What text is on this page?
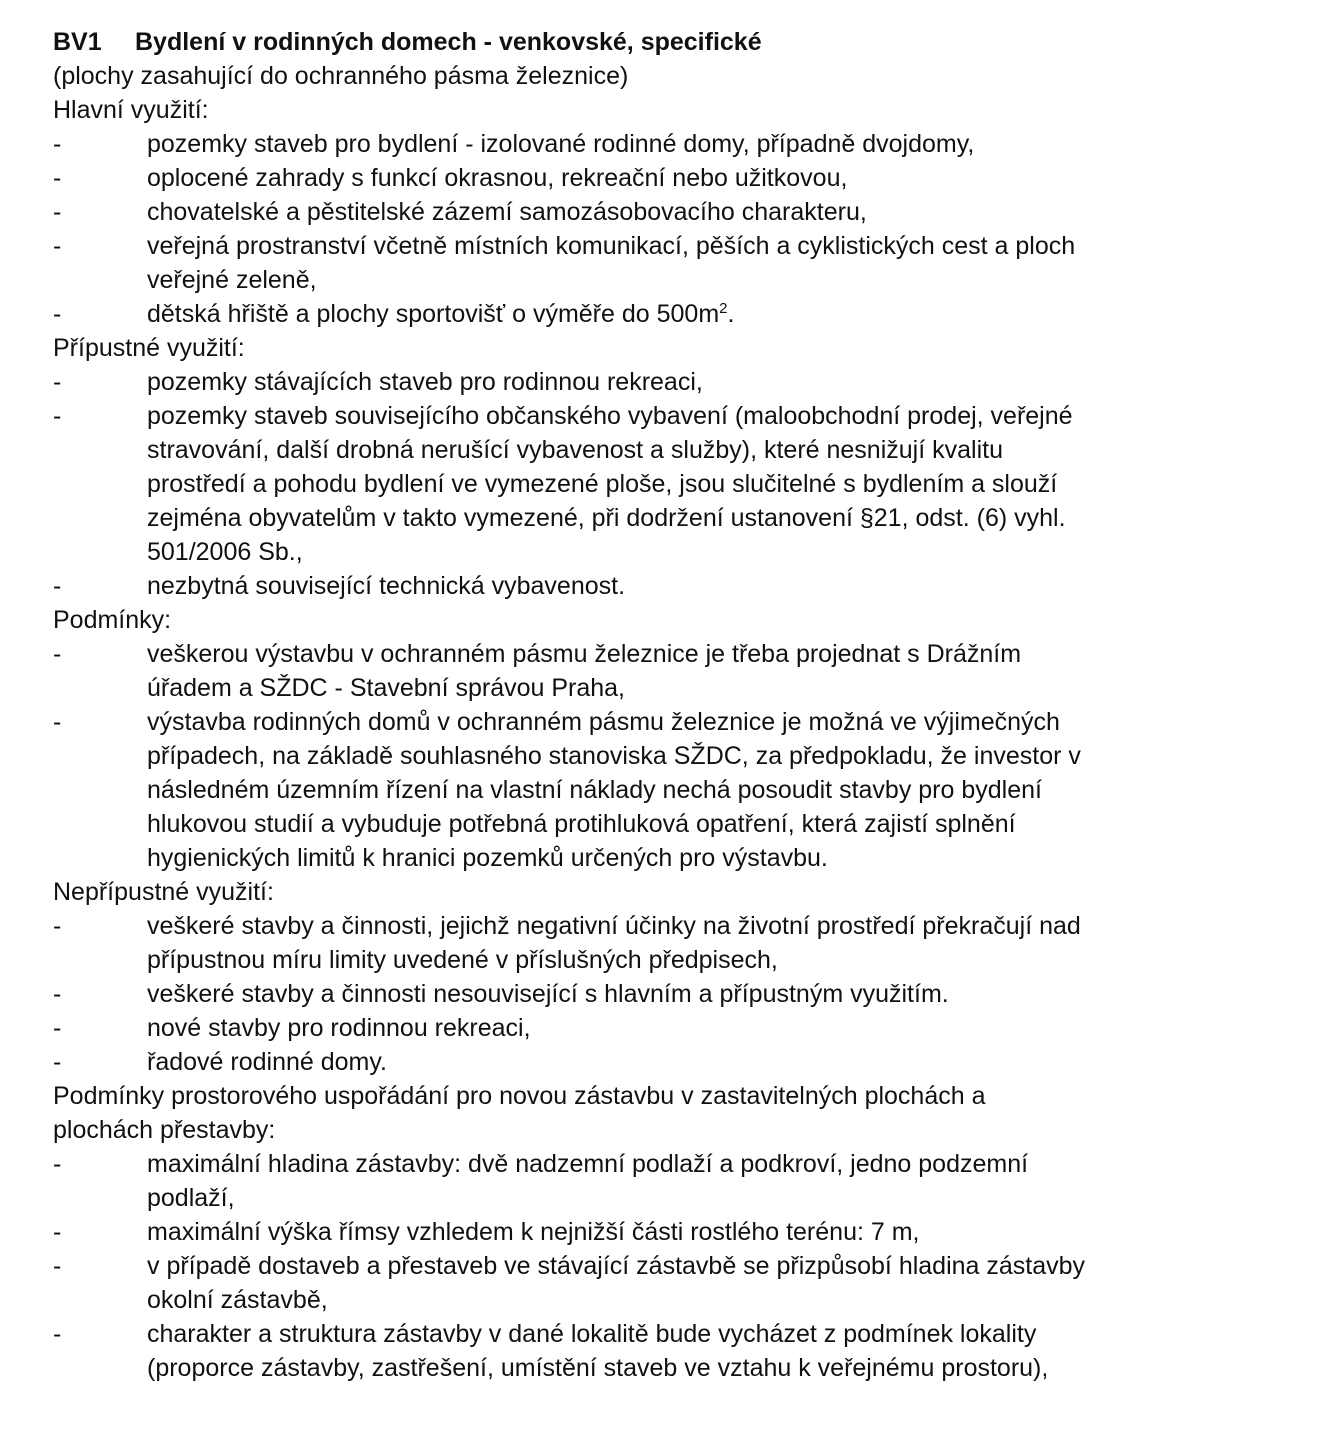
BV1 Bydlení v rodinných domech - venkovské, specifické
(plochy zasahující do ochranného pásma železnice)
Hlavní využití:
-	pozemky staveb pro bydlení - izolované rodinné domy, případně dvojdomy,
-	oplocené zahrady s funkcí okrasnou, rekreační nebo užitkovou,
-	chovatelské a pěstitelské zázemí samozásobovacího charakteru,
-	veřejná prostranství včetně místních komunikací, pěších a cyklistických cest a ploch
veřejné zeleně,
-	dětská hřiště a plochy sportovišť o výměře do $500m^2$.
Přípustné využití:
-	pozemky stávajících staveb pro rodinnou rekreaci,
-	pozemky staveb souvisejícího občanského vybavení (maloobchodní prodej, veřejné
stravování, další drobná nerušící vybavenost a služby), které nesnižují kvalitu
prostředí a pohodu bydlení ve vymezené ploše, jsou slučitelné s bydlením a slouží
zejména obyvatelům v takto vymezené, při dodržení ustanovení §21, odst. (6) vyhl.
501/2006 Sb.,
-	nezbytná související technická vybavenost.
Podmínky:
-	veškerou výstavbu v ochranném pásmu železnice je třeba projednat s Drážním
úřadem a SŽDC - Stavební správou Praha,
-	výstavba rodinných domů v ochranném pásmu železnice je možná ve výjimečných
případech, na základě souhlasného stanoviska SŽDC, za předpokladu, že investor v
následném územním řízení na vlastní náklady nechá posoudit stavby pro bydlení
hlukovou studií a vybuduje potřebná protihluková opatření, která zajistí splnění
hygienických limitů k hranici pozemků určených pro výstavbu.
Nepřípustné využití:
-	veškeré stavby a činnosti, jejichž negativní účinky na životní prostředí překračují nad
přípustnou míru limity uvedené v příslušných předpisech,
-	veškeré stavby a činnosti nesouvisející s hlavním a přípustným využitím.
-	nové stavby pro rodinnou rekreaci,
-	řadové rodinné domy.
Podmínky prostorového uspořádání pro novou zástavbu v zastavitelných plochách a
plochách přestavby:
-	maximální hladina zástavby: dvě nadzemní podlaží a podkroví, jedno podzemní
podlaží,
-	maximální výška římsy vzhledem k nejnižší části rostlého terénu: 7 m,
-	v případě dostaveb a přestaveb ve stávající zástavbě se přizpůsobí hladina zástavby
okolní zástavbě,
-	charakter a struktura zástavby v dané lokalitě bude vycházet z podmínek lokality
(proporce zástavby, zastřešení, umístění staveb ve vztahu k veřejnému prostoru),
